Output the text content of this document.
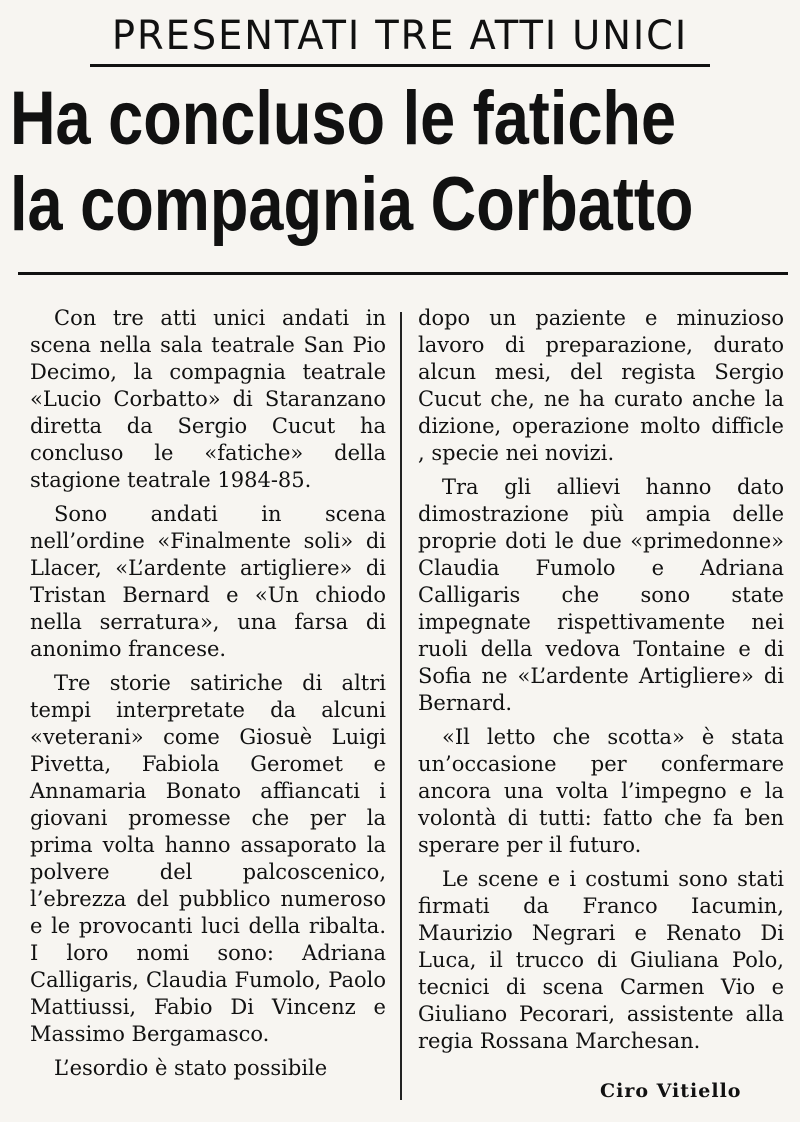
PRESENTATI TRE ATTI UNICI
Ha concluso le fatiche
la compagnia Corbatto

Con tre atti unici andati in scena nella sala teatrale San Pio Decimo, la compagnia teatrale «Lucio Corbatto» di Staranzano diretta da Sergio Cucut ha concluso le «fatiche» della stagione teatrale 1984-85.

Sono andati in scena nell’ordine «Finalmente soli» di Llacer, «L’ardente artigliere» di Tristan Bernard e «Un chiodo nella serratura», una farsa di anonimo francese.

Tre storie satiriche di altri tempi interpretate da alcuni «veterani» come Giosuè Luigi Pivetta, Fabiola Geromet e Annamaria Bonato affiancati i giovani promesse che per la prima volta hanno assaporato la polvere del palcoscenico, l’ebrezza del pubblico numeroso e le provocanti luci della ribalta. I loro nomi sono: Adriana Calligaris, Claudia Fumolo, Paolo Mattiussi, Fabio Di Vincenz e Massimo Bergamasco.

L’esordio è stato possibile

dopo un paziente e minuzioso lavoro di preparazione, durato alcun mesi, del regista Sergio Cucut che, ne ha curato anche la dizione, operazione molto difficle , specie nei novizi.

Tra gli allievi hanno dato dimostrazione più ampia delle proprie doti le due «primedonne» Claudia Fumolo e Adriana Calligaris che sono state impegnate rispettivamente nei ruoli della vedova Tontaine e di Sofia ne «L’ardente Artigliere» di Bernard.

«Il letto che scotta» è stata un’occasione per confermare ancora una volta l’impegno e la volontà di tutti: fatto che fa ben sperare per il futuro.

Le scene e i costumi sono stati firmati da Franco Iacumin, Maurizio Negrari e Renato Di Luca, il trucco di Giuliana Polo, tecnici di scena Carmen Vio e Giuliano Pecorari, assistente alla regia Rossana Marchesan.

Ciro Vitiello
